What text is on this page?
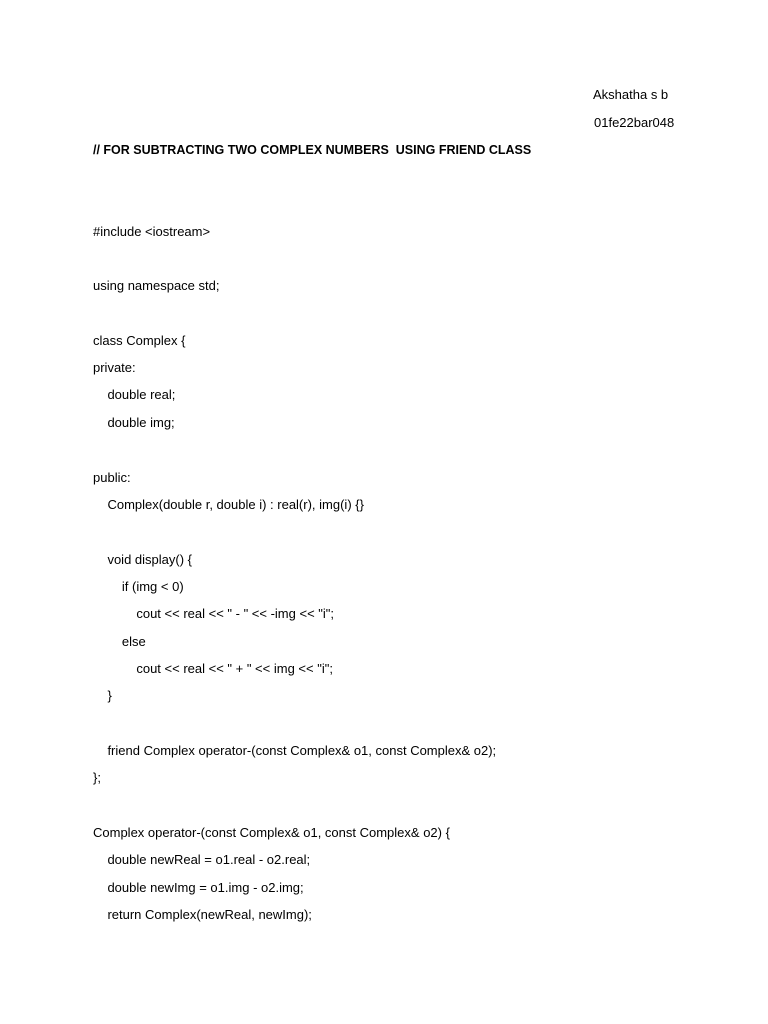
Akshatha s b
01fe22bar048
// FOR SUBTRACTING TWO COMPLEX NUMBERS  USING FRIEND CLASS
#include <iostream>
using namespace std;
class Complex {
private:
double real;
double img;
public:
Complex(double r, double i) : real(r), img(i) {}
void display() {
if (img < 0)
cout << real << " - " << -img << "i";
else
cout << real << " + " << img << "i";
}
friend Complex operator-(const Complex& o1, const Complex& o2);
};
Complex operator-(const Complex& o1, const Complex& o2) {
double newReal = o1.real - o2.real;
double newImg = o1.img - o2.img;
return Complex(newReal, newImg);
